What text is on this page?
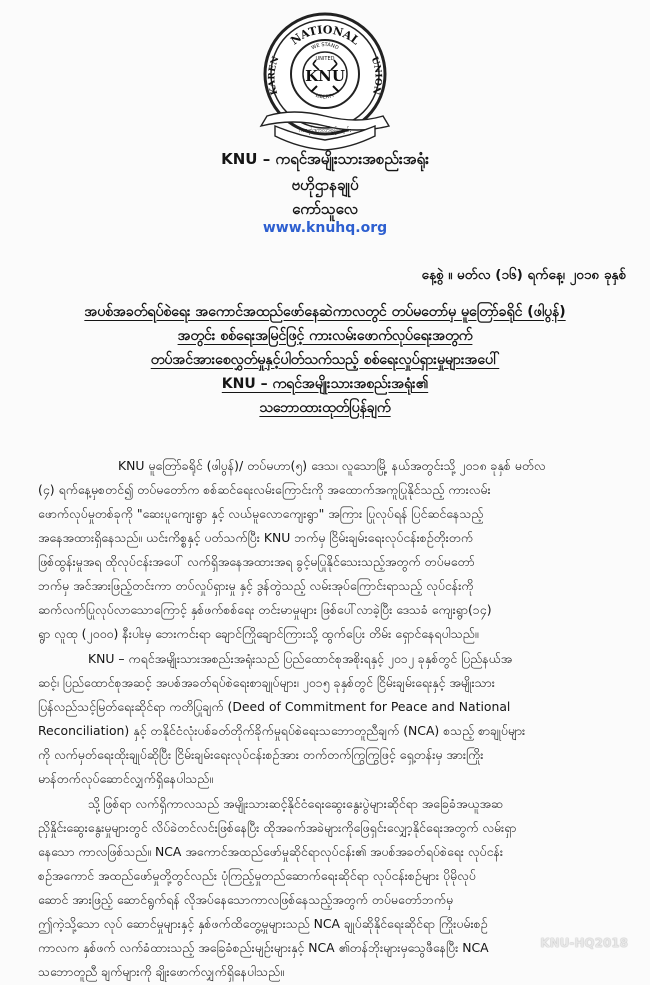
NATIONAL
KAREN	UNION
WE STAND
LIBERTY
UNITED
KNU
ကလုာ်ဒ့ကလုာ်ရူမ်ုဆေ့မ်း
KNU – ကရင်အမျိုးသားအစည်းအရုံး
ဗဟိုဌာနချုပ်
ကော်သူလေ
www.knuhq.org
နေ့စွဲ ။ မတ်လ (၁၆) ရက်နေ့၊ ၂၀၁၈ ခုနှစ်
အပစ်အခတ်ရပ်စဲရေး အကောင်အထည်ဖော်နေဆဲကာလတွင် တပ်မတော်မှ မူတြော်ခရိုင် (ဖါပွန်)
အတွင်း စစ်ရေးအမြင်ဖြင့် ကားလမ်းဖောက်လုပ်ရေးအတွက်
တပ်အင်အားစေလွှတ်မှုနှင့်ပါတ်သက်သည့် စစ်ရေးလှုပ်ရှားမှုများအပေါ်
KNU – ကရင်အမျိုးသားအစည်းအရုံး၏
သဘောထားထုတ်ပြန်ချက်
KNU မူတြော်ခရိုင် (ဖါပွန်)/ တပ်မဟာ(၅) ဒေသ၊ လူသောမြို့ နယ်အတွင်းသို့ ၂၀၁၈ ခုနှစ် မတ်လ
(၄) ရက်နေ့မှစတင်၍ တပ်မတော်က စစ်ဆင်ရေးလမ်းကြောင်းကို အထောက်အကူပြုနိုင်သည့် ကားလမ်း
ဖောက်လုပ်မှုတစ်ခုကို "ဆေးပူကျေးရွာ နှင့် လယ်မူလောကျေးရွာ" အကြား ပြုလုပ်ရန် ပြင်ဆင်နေသည့်
အနေအထားရှိနေသည်။ ယင်းကိစ္စနှင့် ပတ်သက်ပြီး KNU ဘက်မှ ငြိမ်းချမ်းရေးလုပ်ငန်းစဉ်တိုးတက်
ဖြစ်ထွန်းမှုအရ ထိုလုပ်ငန်းအပေါ် လက်ရှိအနေအထားအရ ခွင့်မပြုနိုင်သေးသည့်အတွက် တပ်မတော်
ဘက်မှ အင်အားဖြည့်တင်းကာ တပ်လှုပ်ရှားမှု နှင့် ဒွန်တွဲသည့် လမ်းအုပ်ကြောင်းရာသည့် လုပ်ငန်းကို
ဆက်လက်ပြုလုပ်လာသောကြောင့် နှစ်ဖက်စစ်ရေး တင်းမာမှုများ ဖြစ်ပေါ်လာခဲ့ပြီး ဒေသခံ ကျေးရွာ(၁၄)
ရွာ လူထု (၂၀၀၀) နီးပါးမှ ဘေးကင်းရာ ချောင်ကြိုချောင်ကြားသို့ ထွက်ပြေး တိမ်း ရှောင်နေရပါသည်။
KNU – ကရင်အမျိုးသားအစည်းအရုံးသည် ပြည်ထောင်စုအစိုးရနှင့် ၂၀၁၂ ခုနှစ်တွင် ပြည်နယ်အ
ဆင့်၊ ပြည်ထောင်စုအဆင့် အပစ်အခတ်ရပ်စဲရေးစာချုပ်များ၊ ၂၀၁၅ ခုနှစ်တွင် ငြိမ်းချမ်းရေးနှင့် အမျိုးသား
ပြန်လည်သင့်မြတ်ရေးဆိုင်ရာ ကတိပြုချက် (Deed of Commitment for Peace and National
Reconciliation) နှင့် တနိုင်ငံလုံးပစ်ခတ်တိုက်ခိုက်မှုရပ်စဲရေးသဘောတူညီချက် (NCA) စသည့် စာချုပ်များ
ကို လက်မှတ်ရေးထိုးချုပ်ဆိုပြီး ငြိမ်းချမ်းရေးလုပ်ငန်းစဉ်အား တက်တက်ကြွကြွဖြင့် ရှေ့တန်းမှ အားကြိုး
မာန်တက်လုပ်ဆောင်လျှက်ရှိနေပါသည်။
သို့ဖြစ်ရာ လက်ရှိကာလသည် အမျိုးသားဆင့်နိုင်ငံရေးဆွေးနွေးပွဲများဆိုင်ရာ အခြေခံအယူအဆ
ညှိနှိုင်းဆွေးနွေးမှုများတွင် လိပ်ခဲတင်လင်းဖြစ်နေပြီး ထိုအခက်အခဲများကိုဖြေရှင်းလျှော့နိုင်ရေးအတွက် လမ်းရှာ
နေသော ကာလဖြစ်သည်။ NCA အကောင်အထည်ဖော်မှုဆိုင်ရာလုပ်ငန်း၏ အပစ်အခတ်ရပ်စဲရေး လုပ်ငန်း
စဉ်အကောင် အထည်ဖော်မှုတို့တွင်လည်း ပုံကြည့်မှုတည်ဆောက်ရေးဆိုင်ရာ လုပ်ငန်းစဉ်များ ပိုမိုလုပ်
ဆောင် အားဖြည့် ဆောင်ရွက်ရန် လိုအပ်နေသောကာလဖြစ်နေသည့်အတွက် တပ်မတော်ဘက်မှ
ဤကဲ့သို့သော လုပ် ဆောင်မှုများနှင့် နှစ်ဖက်ထိတွေ့မှုများသည် NCA ချုပ်ဆိုနိုင်ရေးဆိုင်ရာ ကြိုးပမ်းစဉ်
ကာလက နှစ်ဖက် လက်ခံထားသည့် အခြေခံစည်းမျဉ်းများနှင့် NCA ၏တန်ဘိုးများမှသွေဖီနေပြီး NCA
သဘောတူညီ ချက်များကို ချိုးဖောက်လျှက်ရှိနေပါသည်။
KNU-HQ2018
